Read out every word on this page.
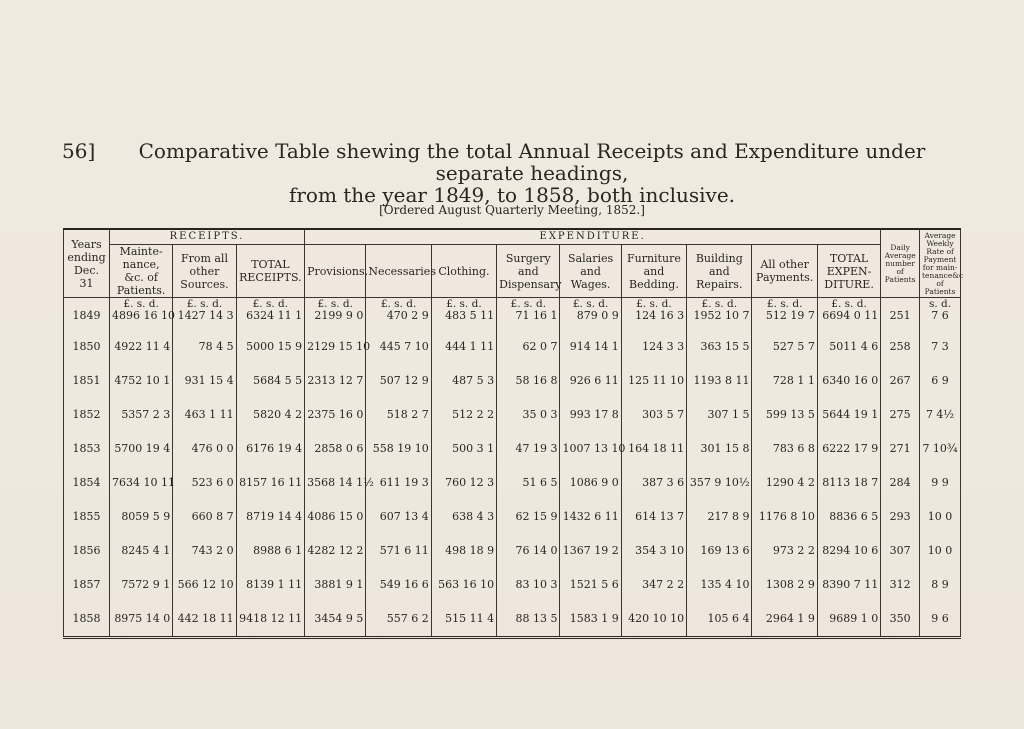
56]	Comparative Table shewing the total Annual Receipts and Expenditure under separate headings,
from the year 1849, to 1858, both inclusive.
[Ordered August Quarterly Meeting, 1852.]
Years ending Dec. 31	RECEIPTS.			EXPENDITURE.									Daily Average number of Patients	Average Weekly Rate of Payment for main- tenance&c of Patients
	Mainte- nance, &c. of Patients.	From all other Sources.	TOTAL RECEIPTS.	Provisions.	Necessaries	Clothing.	Surgery and Dispensary	Salaries and Wages.	Furniture and Bedding.	Building and Repairs.	All other Payments.	TOTAL EXPEN- DITURE.		
	£. s. d.	£. s. d.	£. s. d.	£. s. d.	£. s. d.	£. s. d.	£. s. d.	£. s. d.	£. s. d.	£. s. d.	£. s. d.	£. s. d.		s. d.
1849	4896 16 10	1427 14 3	6324 11 1	2199 9 0	470 2 9	483 5 11	71 16 1	879 0 9	124 16 3	1952 10 7	512 19 7	6694 0 11	251	7 6
1850	4922 11 4	78 4 5	5000 15 9	2129 15 10	445 7 10	444 1 11	62 0 7	914 14 1	124 3 3	363 15 5	527 5 7	5011 4 6	258	7 3
1851	4752 10 1	931 15 4	5684 5 5	2313 12 7	507 12 9	487 5 3	58 16 8	926 6 11	125 11 10	1193 8 11	728 1 1	6340 16 0	267	6 9
1852	5357 2 3	463 1 11	5820 4 2	2375 16 0	518 2 7	512 2 2	35 0 3	993 17 8	303 5 7	307 1 5	599 13 5	5644 19 1	275	7 4½
1853	5700 19 4	476 0 0	6176 19 4	2858 0 6	558 19 10	500 3 1	47 19 3	1007 13 10	164 18 11	301 15 8	783 6 8	6222 17 9	271	7 10¾
1854	7634 10 11	523 6 0	8157 16 11	3568 14 1½	611 19 3	760 12 3	51 6 5	1086 9 0	387 3 6	357 9 10½	1290 4 2	8113 18 7	284	9 9
1855	8059 5 9	660 8 7	8719 14 4	4086 15 0	607 13 4	638 4 3	62 15 9	1432 6 11	614 13 7	217 8 9	1176 8 10	8836 6 5	293	10 0
1856	8245 4 1	743 2 0	8988 6 1	4282 12 2	571 6 11	498 18 9	76 14 0	1367 19 2	354 3 10	169 13 6	973 2 2	8294 10 6	307	10 0
1857	7572 9 1	566 12 10	8139 1 11	3881 9 1	549 16 6	563 16 10	83 10 3	1521 5 6	347 2 2	135 4 10	1308 2 9	8390 7 11	312	8 9
1858	8975 14 0	442 18 11	9418 12 11	3454 9 5	557 6 2	515 11 4	88 13 5	1583 1 9	420 10 10	105 6 4	2964 1 9	9689 1 0	350	9 6
